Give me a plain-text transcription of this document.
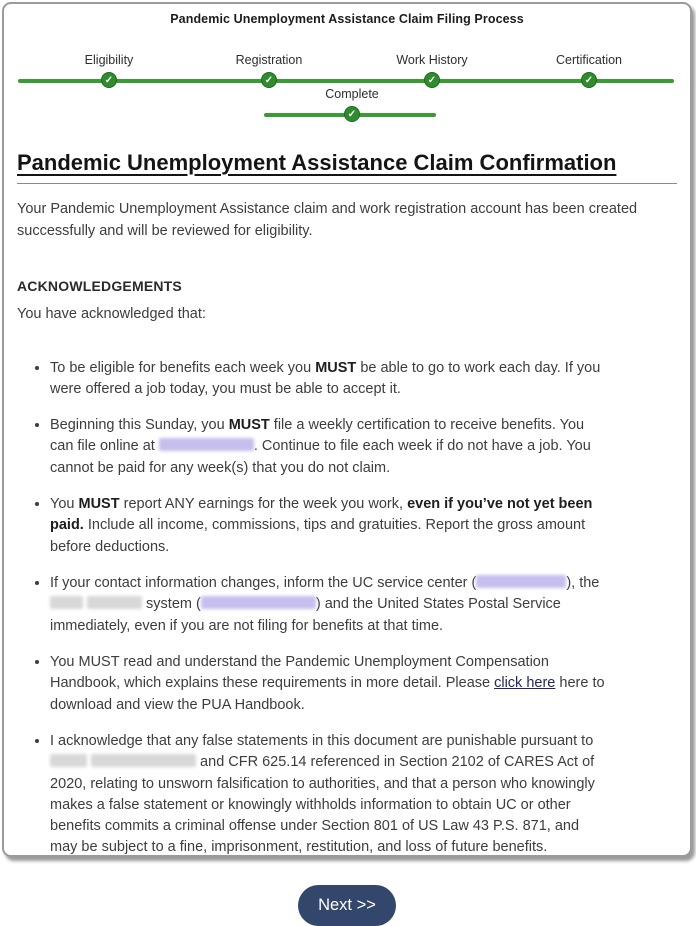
Pandemic Unemployment Assistance Claim Filing Process
Eligibility
✓
Registration
✓
Work History
✓
Certification
✓
Complete
✓
Pandemic Unemployment Assistance Claim Confirmation

Your Pandemic Unemployment Assistance claim and work registration account has been created successfully and will be reviewed for eligibility.

ACKNOWLEDGEMENTS
You have acknowledged that:
• To be eligible for benefits each week you MUST be able to go to work each day. If you were offered a job today, you must be able to accept it.
• Beginning this Sunday, you MUST file a weekly certification to receive benefits. You can file online at	. Continue to file each week if do not have a job. You cannot be paid for any week(s) that you do not claim.
• You MUST report ANY earnings for the week you work, even if you’ve not yet been paid. Include all income, commissions, tips and gratuities. Report the gross amount before deductions.
• If your contact information changes, inform the UC service center (	), the   system (	) and the United States Postal Service immediately, even if you are not filing for benefits at that time.
• You MUST read and understand the Pandemic Unemployment Compensation Handbook, which explains these requirements in more detail. Please click here here to download and view the PUA Handbook.
• I acknowledge that any false statements in this document are punishable pursuant to   and CFR 625.14 referenced in Section 2102 of CARES Act of 2020, relating to unsworn falsification to authorities, and that a person who knowingly makes a false statement or knowingly withholds information to obtain UC or other benefits commits a criminal offense under Section 801 of US Law 43 P.S. 871, and may be subject to a fine, imprisonment, restitution, and loss of future benefits.
Next >>
